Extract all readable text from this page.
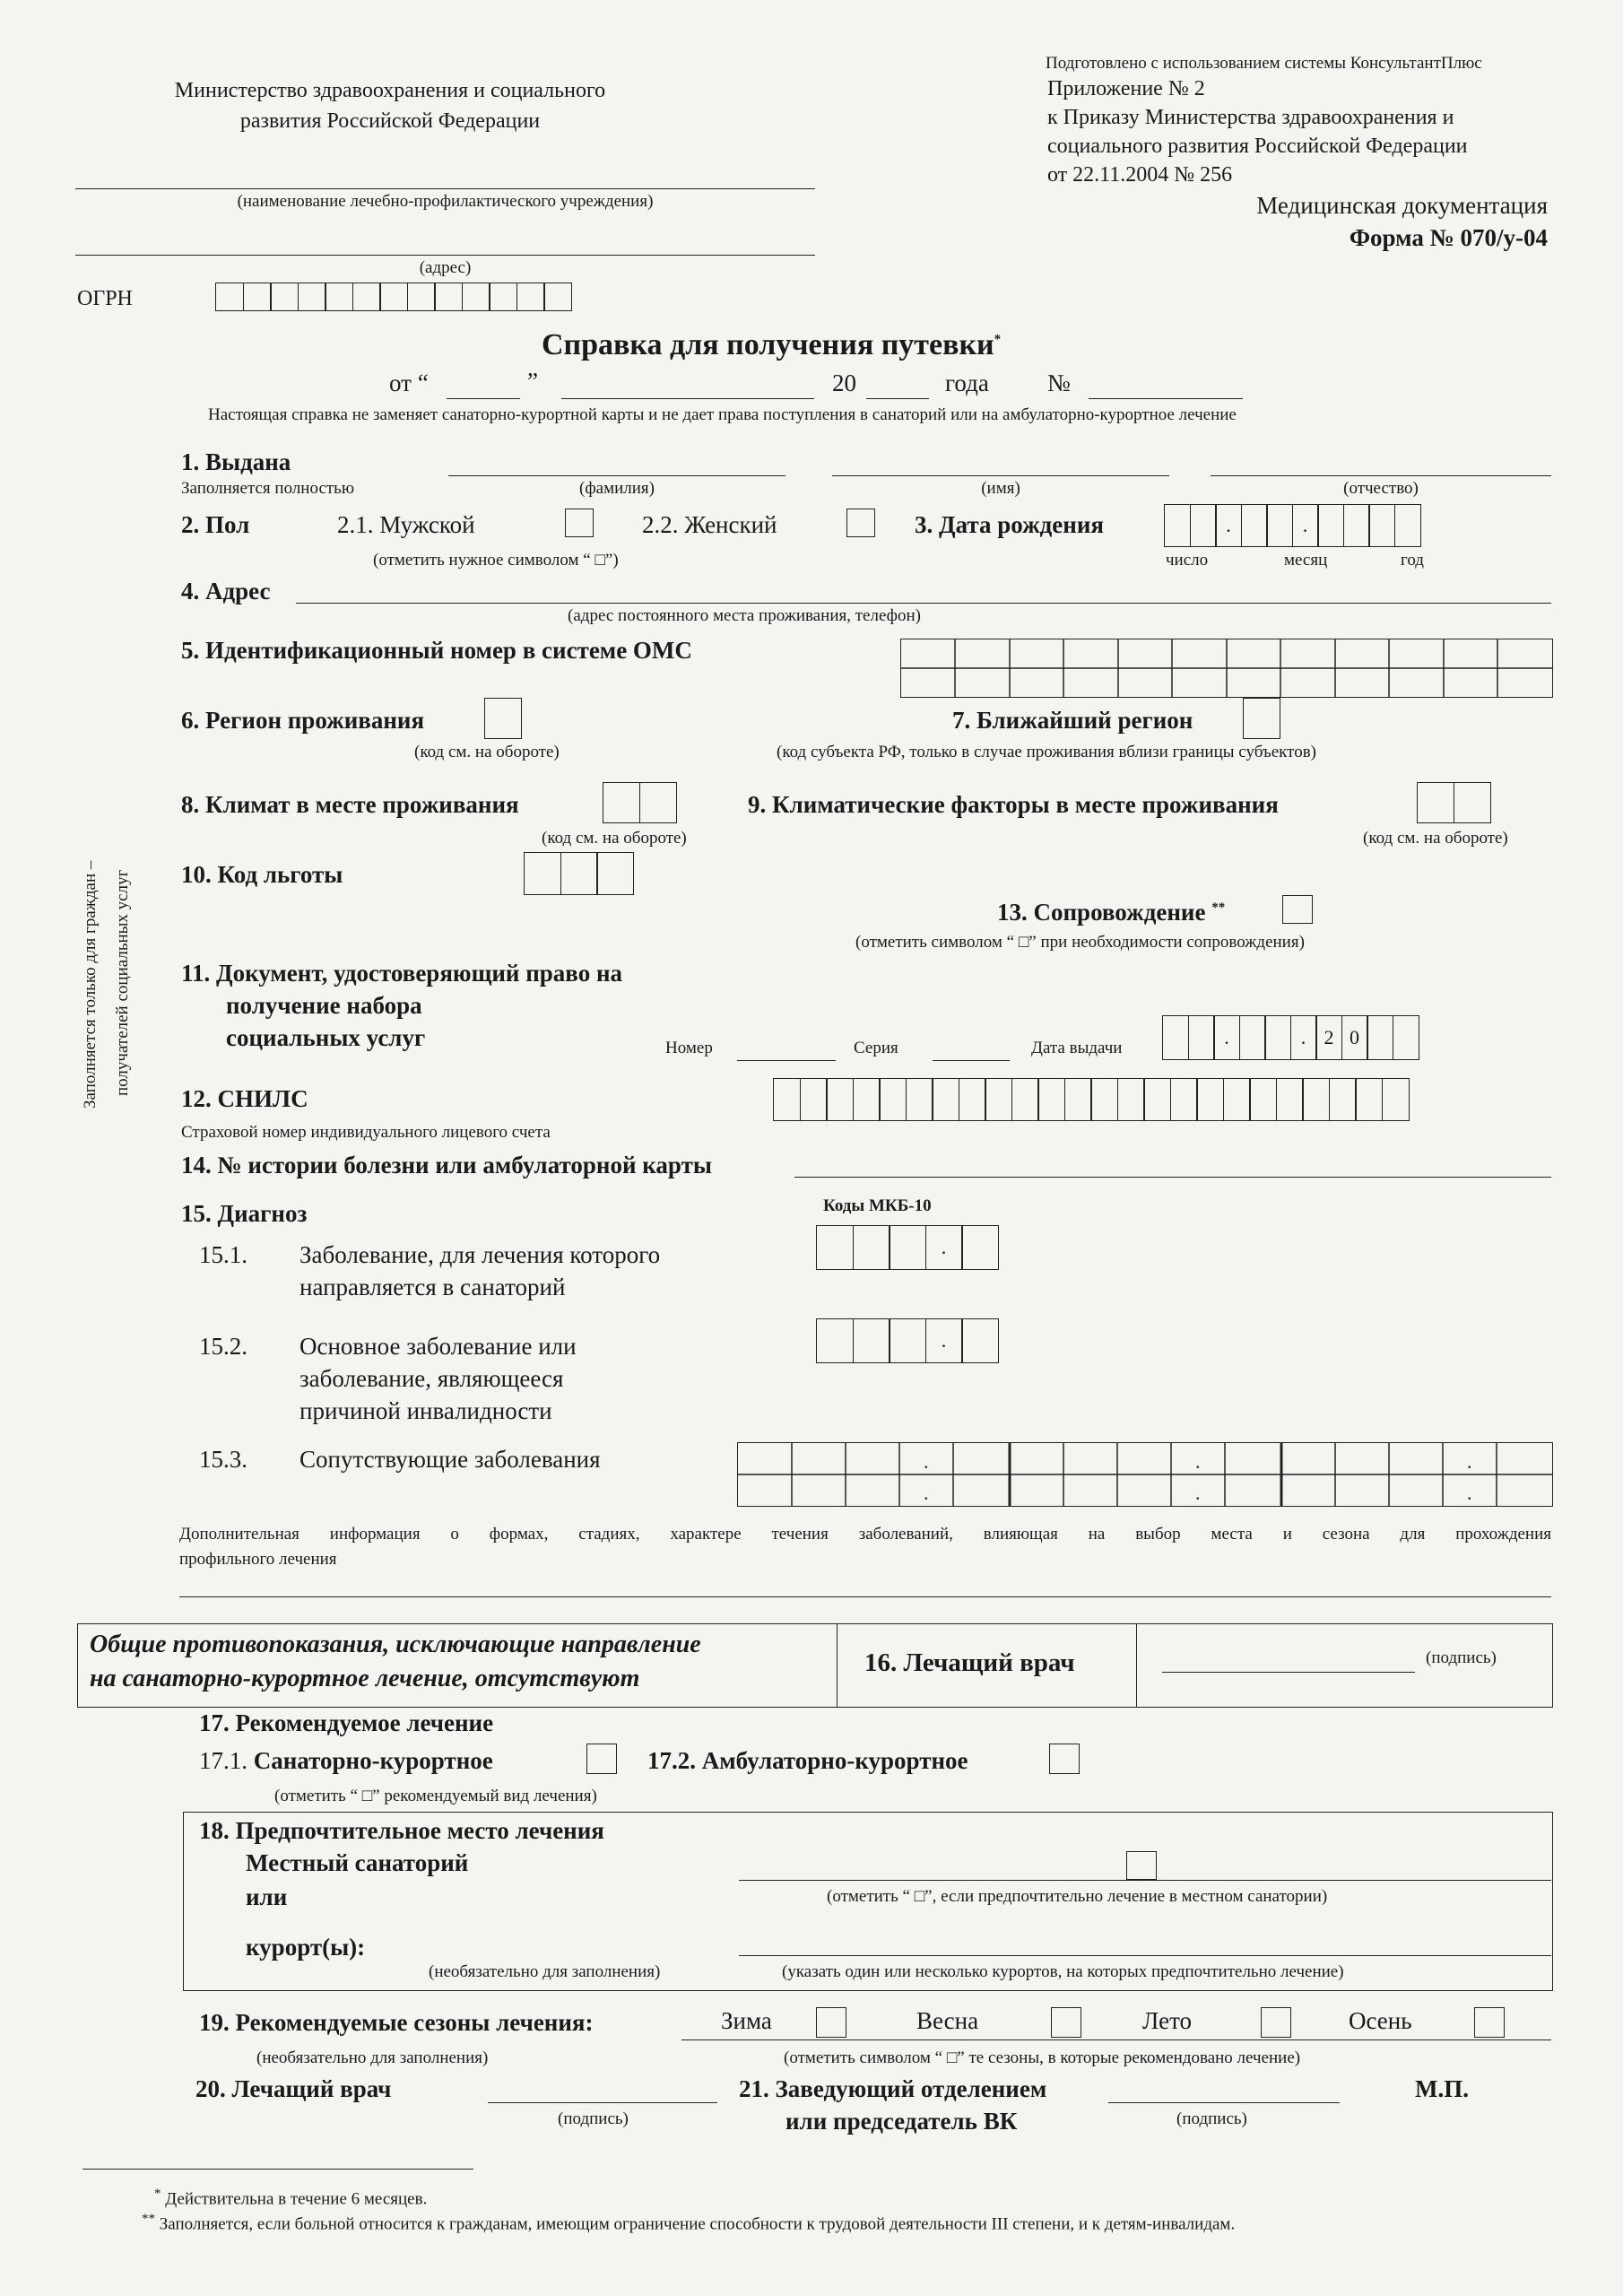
Подготовлено с использованием системы КонсультантПлюс
Министерство здравоохранения и социального
развития Российской Федерации
(наименование лечебно-профилактического учреждения)
(адрес)
ОГРН
Приложение № 2
к Приказу Министерства здравоохранения и
социального развития Российской Федерации
от 22.11.2004 № 256
Медицинская документация
Форма № 070/у-04
Справка для получения путевки*
от “	”	20	года №
Настоящая справка не заменяет санаторно-курортной карты и не дает права поступления в санаторий или на амбулаторно-курортное лечение
Заполняется только для граждан – получателей социальных услуг
1. Выдана
Заполняется полностью	(фамилия)	(имя)	(отчество)
2. Пол	2.1. Мужской	2.2. Женский
(отметить нужное символом “ □”)
3. Дата рождения	.	.
число	месяц	год
4. Адрес
(адрес постоянного места проживания, телефон)
5. Идентификационный номер в системе ОМС
6. Регион проживания
(код см. на обороте)
7. Ближайший регион
(код субъекта РФ, только в случае проживания вблизи границы субъектов)
8. Климат в месте проживания
(код см. на обороте)
9. Климатические факторы в месте проживания
(код см. на обороте)
10. Код льготы
13. Сопровождение **
(отметить символом “ □” при необходимости сопровождения)
11. Документ, удостоверяющий право на
получение набора
социальных услуг	Номер	Серия	Дата выдачи	.	. 2 0
12. СНИЛС
Страховой номер индивидуального лицевого счета
14. № истории болезни или амбулаторной карты
15. Диагноз	Коды МКБ-10
15.1. Заболевание, для лечения которого
направляется в санаторий
.
15.2. Основное заболевание или
заболевание, являющееся
причиной инвалидности
.
15.3. Сопутствующие заболевания	.
.
.
.
.
.
Дополнительная информация о формах, стадиях, характере течения заболеваний, влияющая на выбор места и сезона для прохождения
профильного лечения
Общие противопоказания, исключающие направление
на санаторно-курортное лечение, отсутствуют
16. Лечащий врач	(подпись)
17. Рекомендуемое лечение
17.1. Санаторно-курортное	17.2. Амбулаторно-курортное
(отметить “ □” рекомендуемый вид лечения)
18. Предпочтительное место лечения
Местный санаторий
или
курорт(ы):
(отметить “ □”, если предпочтительно лечение в местном санатории)
(необязательно для заполнения)	(указать один или несколько курортов, на которых предпочтительно лечение)
19. Рекомендуемые сезоны лечения:	Зима	Весна	Лето	Осень
(необязательно для заполнения)	(отметить символом “ □” те сезоны, в которые рекомендовано лечение)
20. Лечащий врач
(подпись)
21. Заведующий отделением
или председатель ВК	(подпись)
М.П.
* Действительна в течение 6 месяцев.
** Заполняется, если больной относится к гражданам, имеющим ограничение способности к трудовой деятельности III степени, и к детям-инвалидам.
